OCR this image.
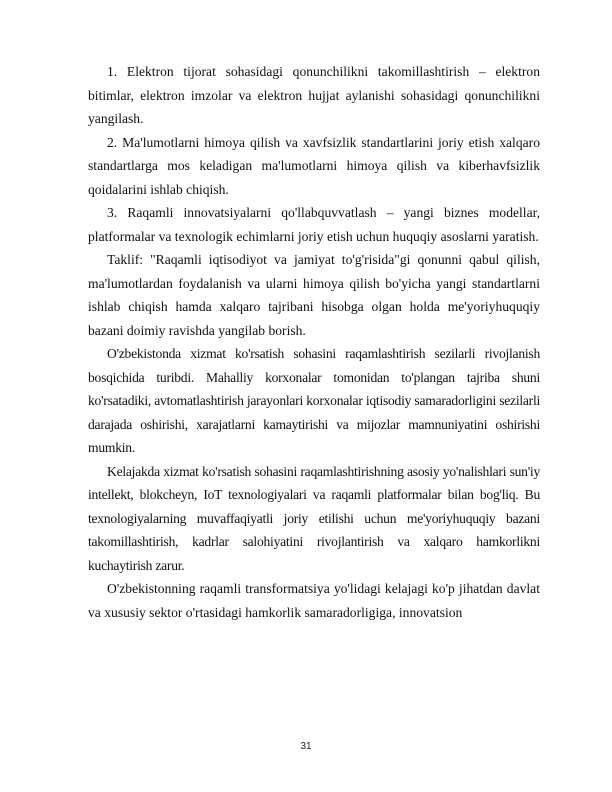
1. Elektron tijorat sohasidagi qonunchilikni takomillashtirish – elektron bitimlar, elektron imzolar va elektron hujjat aylanishi sohasidagi qonunchilikni yangilash.

2. Ma'lumotlarni himoya qilish va xavfsizlik standartlarini joriy etish xalqaro standartlarga mos keladigan ma'lumotlarni himoya qilish va kiberhavfsizlik qoidalarini ishlab chiqish.

3. Raqamli innovatsiyalarni qo'llabquvvatlash – yangi biznes modellar, platformalar va texnologik echimlarni joriy etish uchun huquqiy asoslarni yaratish.

Taklif: "Raqamli iqtisodiyot va jamiyat to'g'risida"gi qonunni qabul qilish, ma'lumotlardan foydalanish va ularni himoya qilish bo'yicha yangi standartlarni ishlab chiqish hamda xalqaro tajribani hisobga olgan holda me'yoriyhuquqiy bazani doimiy ravishda yangilab borish.

O'zbekistonda xizmat ko'rsatish sohasini raqamlashtirish sezilarli rivojlanish bosqichida turibdi. Mahalliy korxonalar tomonidan to'plangan tajriba shuni ko'rsatadiki, avtomatlashtirish jarayonlari korxonalar iqtisodiy samaradorligini sezilarli darajada oshirishi, xarajatlarni kamaytirishi va mijozlar mamnuniyatini oshirishi mumkin.

Kelajakda xizmat ko'rsatish sohasini raqamlashtirishning asosiy yo'nalishlari sun'iy intellekt, blokcheyn, IoT texnologiyalari va raqamli platformalar bilan bog'liq. Bu texnologiyalarning muvaffaqiyatli joriy etilishi uchun me'yoriyhuquqiy bazani takomillashtirish, kadrlar salohiyatini rivojlantirish va xalqaro hamkorlikni kuchaytirish zarur.

O'zbekistonning raqamli transformatsiya yo'lidagi kelajagi ko'p jihatdan davlat va xususiy sektor o'rtasidagi hamkorlik samaradorligiga, innovatsion

31
